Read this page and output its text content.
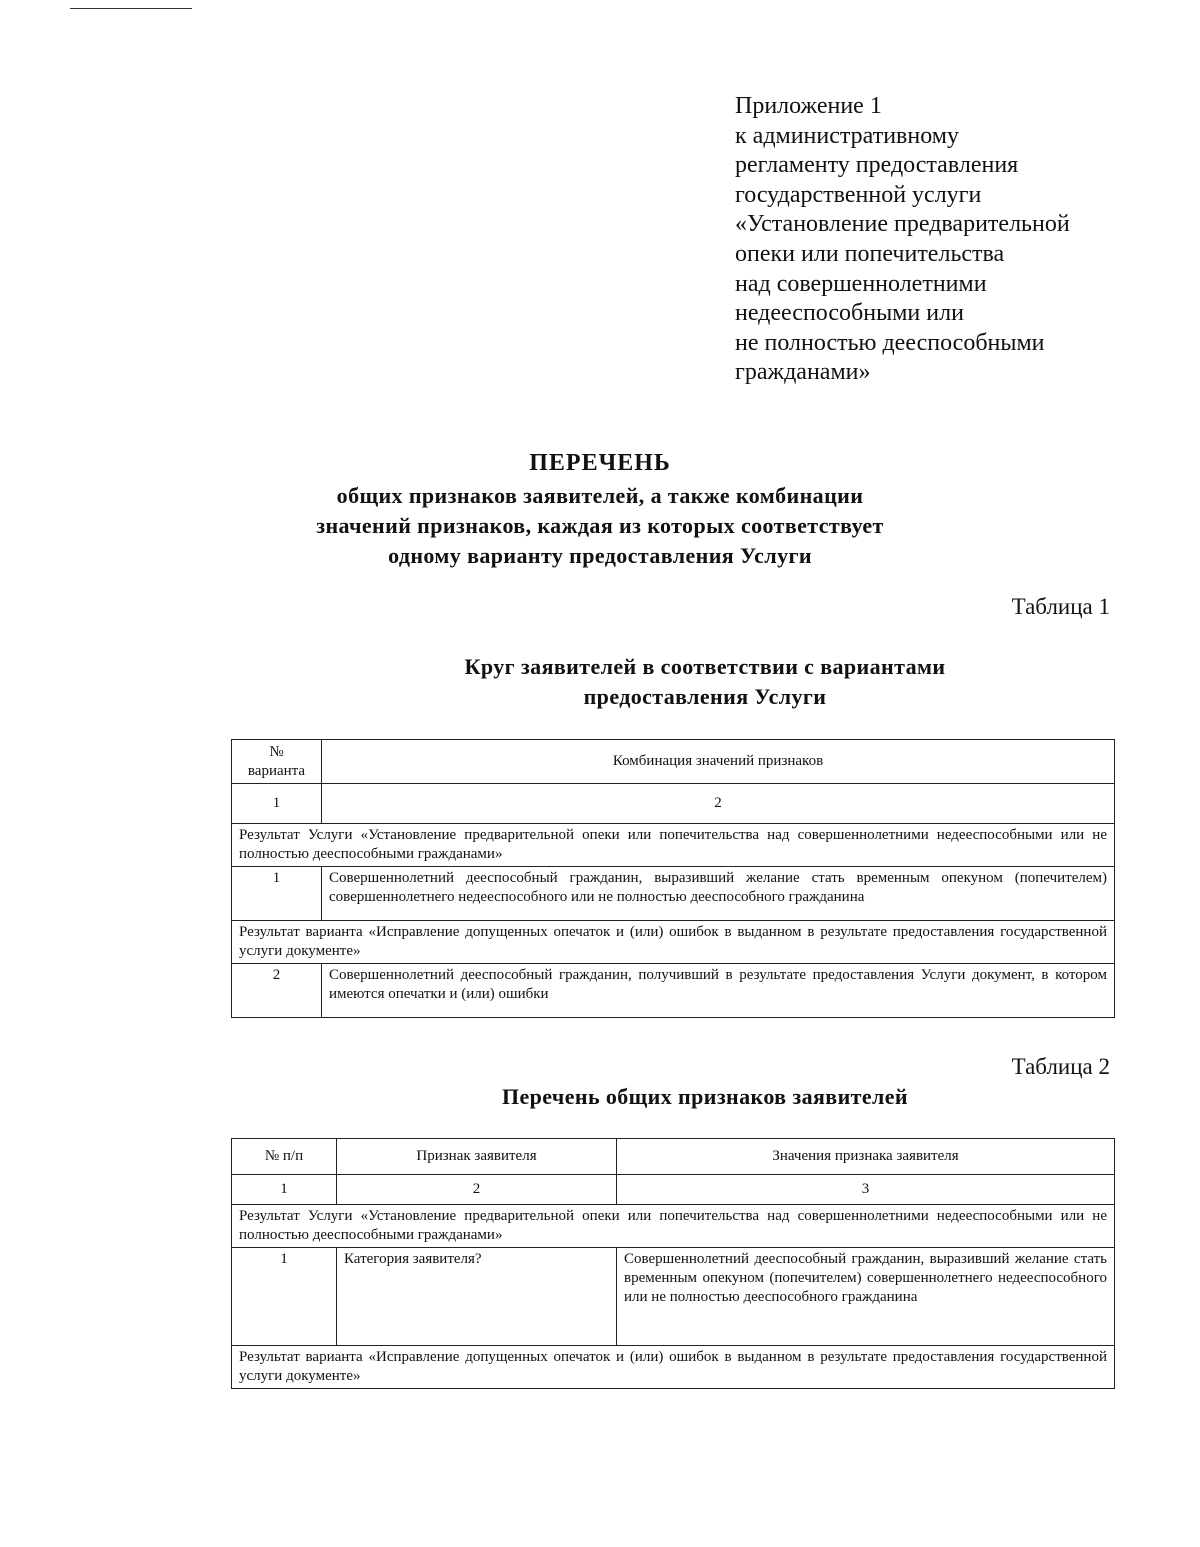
Приложение 1
к административному
регламенту предоставления
государственной услуги
«Установление предварительной
опеки или попечительства
над совершеннолетними
недееспособными или
не полностью дееспособными
гражданами»
ПЕРЕЧЕНЬ
общих признаков заявителей, а также комбинации
значений признаков, каждая из которых соответствует
одному варианту предоставления Услуги
Таблица 1
Круг заявителей в соответствии с вариантами
предоставления Услуги
№ варианта	Комбинация значений признаков
1	2
Результат Услуги «Установление предварительной опеки или попечительства над совершеннолетними недееспособными или не полностью дееспособными гражданами»	
1	Совершеннолетний дееспособный гражданин, выразивший желание стать временным опекуном (попечителем) совершеннолетнего недееспособного или не полностью дееспособного гражданина
Результат варианта «Исправление допущенных опечаток и (или) ошибок в выданном в результате предоставления государственной услуги документе»	
2	Совершеннолетний дееспособный гражданин, получивший в результате предоставления Услуги документ, в котором имеются опечатки и (или) ошибки
Таблица 2
Перечень общих признаков заявителей
№ п/п	Признак заявителя	Значения признака заявителя
1	2	3
Результат Услуги «Установление предварительной опеки или попечительства над совершеннолетними недееспособными или не полностью дееспособными гражданами»		
1	Категория заявителя?	Совершеннолетний дееспособный гражданин, выразивший желание стать временным опекуном (попечителем) совершеннолетнего недееспособного или не полностью дееспособного гражданина
Результат варианта «Исправление допущенных опечаток и (или) ошибок в выданном в результате предоставления государственной услуги документе»		
